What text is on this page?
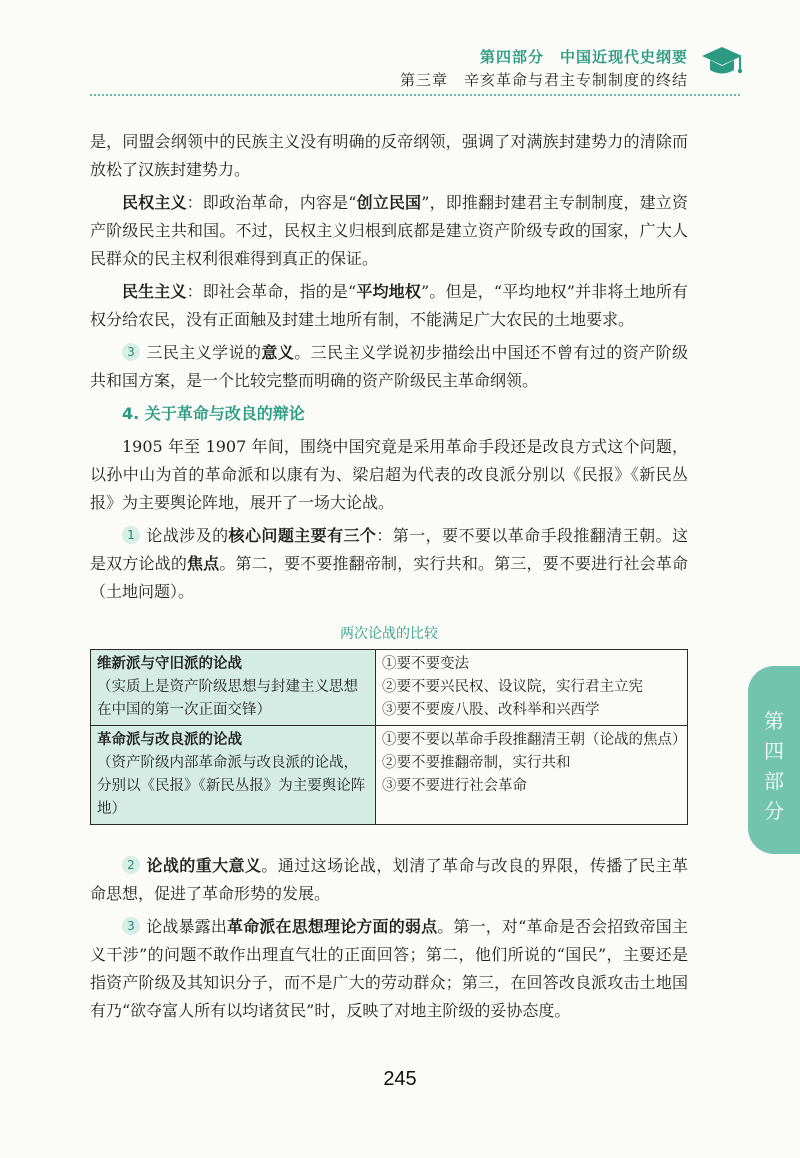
第四部分　中国近现代史纲要
第三章　辛亥革命与君主专制制度的终结

是，同盟会纲领中的民族主义没有明确的反帝纲领，强调了对满族封建势力的清除而放松了汉族封建势力。

民权主义：即政治革命，内容是“创立民国”，即推翻封建君主专制制度，建立资产阶级民主共和国。不过，民权主义归根到底都是建立资产阶级专政的国家，广大人民群众的民主权利很难得到真正的保证。

民生主义：即社会革命，指的是“平均地权”。但是，“平均地权”并非将土地所有权分给农民，没有正面触及封建土地所有制，不能满足广大农民的土地要求。

3 三民主义学说的意义。三民主义学说初步描绘出中国还不曾有过的资产阶级共和国方案，是一个比较完整而明确的资产阶级民主革命纲领。

4. 关于革命与改良的辩论

1905 年至 1907 年间，围绕中国究竟是采用革命手段还是改良方式这个问题，以孙中山为首的革命派和以康有为、梁启超为代表的改良派分别以《民报》《新民丛报》为主要舆论阵地，展开了一场大论战。

1 论战涉及的核心问题主要有三个：第一，要不要以革命手段推翻清王朝。这是双方论战的焦点。第二，要不要推翻帝制，实行共和。第三，要不要进行社会革命（土地问题）。

两次论战的比较
维新派与守旧派的论战
（实质上是资产阶级思想与封建主义思想在中国的第一次正面交锋）	①要不要变法
②要不要兴民权、设议院，实行君主立宪
③要不要废八股、改科举和兴西学

革命派与改良派的论战
（资产阶级内部革命派与改良派的论战，分别以《民报》《新民丛报》为主要舆论阵地）	①要不要以革命手段推翻清王朝（论战的焦点）
②要不要推翻帝制，实行共和
③要不要进行社会革命

2 论战的重大意义。通过这场论战，划清了革命与改良的界限，传播了民主革命思想，促进了革命形势的发展。

3 论战暴露出革命派在思想理论方面的弱点。第一，对“革命是否会招致帝国主义干涉”的问题不敢作出理直气壮的正面回答；第二，他们所说的“国民”，主要还是指资产阶级及其知识分子，而不是广大的劳动群众；第三，在回答改良派攻击土地国有乃“欲夺富人所有以均诸贫民”时，反映了对地主阶级的妥协态度。

第
四
部
分
245
